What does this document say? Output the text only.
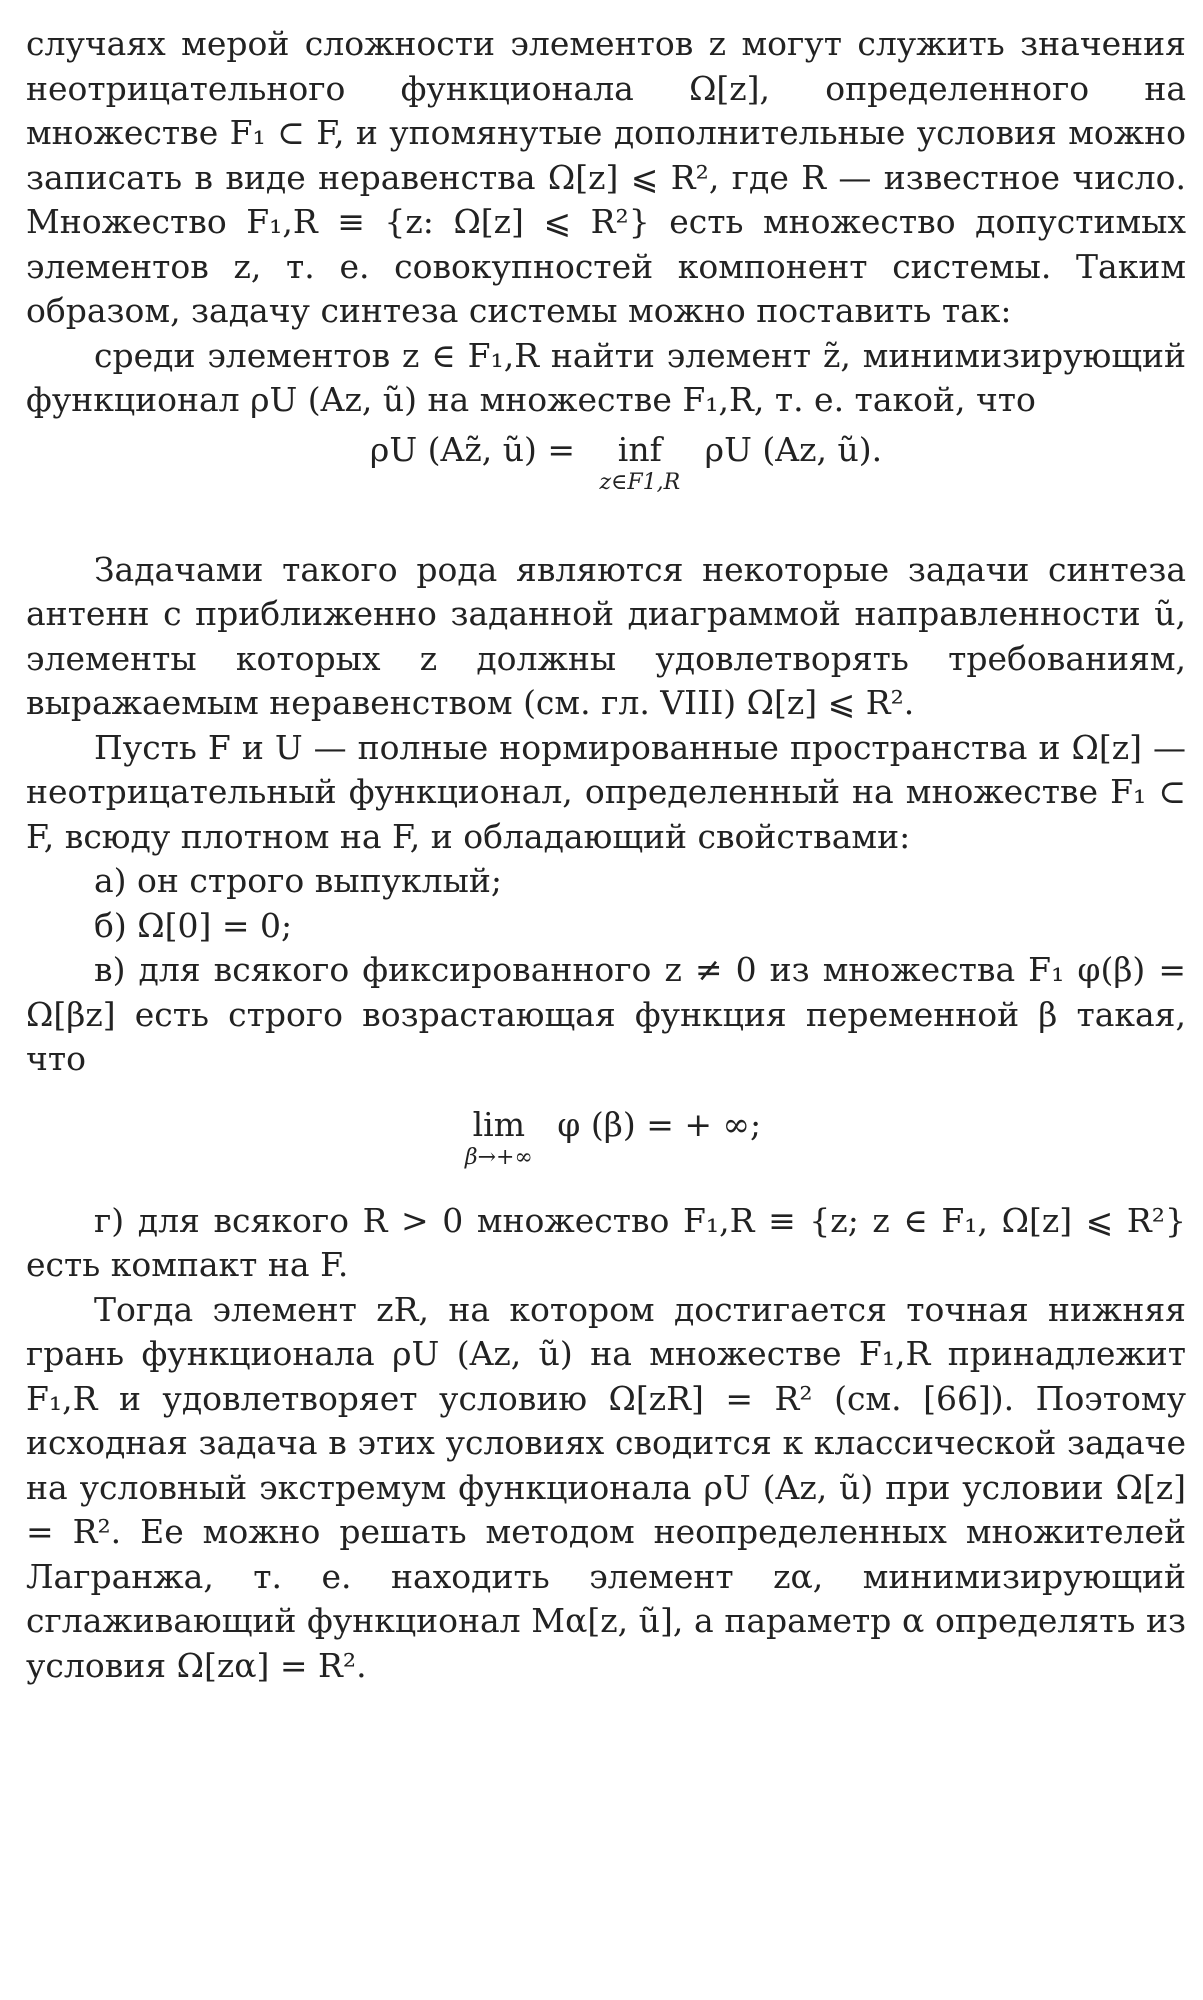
случаях мерой сложности элементов z могут служить значения неотрицательного функционала Ω[z], определенного на множестве F₁ ⊂ F, и упомянутые дополнительные условия можно записать в виде неравенства Ω[z] ⩽ R², где R — известное число. Множество F₁,R ≡ {z: Ω[z] ⩽ R²} есть множество допустимых элементов z, т. е. совокупностей компонент системы. Таким образом, задачу синтеза системы можно поставить так:

среди элементов z ∈ F₁,R найти элемент z̃, минимизирующий функционал ρU (Az, ũ) на множестве F₁,R, т. е. такой, что

ρU (Az̃, ũ) = inf
z∈F1,R
ρU (Az, ũ).

Задачами такого рода являются некоторые задачи синтеза антенн с приближенно заданной диаграммой направленности ũ, элементы которых z должны удовлетворять требованиям, выражаемым неравенством (см. гл. VIII) Ω[z] ⩽ R².

Пусть F и U — полные нормированные пространства и Ω[z] — неотрицательный функционал, определенный на множестве F₁ ⊂ F, всюду плотном на F, и обладающий свойствами:

а) он строго выпуклый;

б) Ω[0] = 0;

в) для всякого фиксированного z ≠ 0 из множества F₁ φ(β) = Ω[βz] есть строго возрастающая функция переменной β такая, что

lim
β→+∞
φ (β) = + ∞;

г) для всякого R > 0 множество F₁,R ≡ {z; z ∈ F₁, Ω[z] ⩽ R²} есть компакт на F.

Тогда элемент zR, на котором достигается точная нижняя грань функционала ρU (Az, ũ) на множестве F₁,R принадлежит F₁,R и удовлетворяет условию Ω[zR] = R² (см. [66]). Поэтому исходная задача в этих условиях сводится к классической задаче на условный экстремум функционала ρU (Az, ũ) при условии Ω[z] = R². Ее можно решать методом неопределенных множителей Лагранжа, т. е. находить элемент zα, минимизирующий сглаживающий функционал Mα[z, ũ], а параметр α определять из условия Ω[zα] = R².
